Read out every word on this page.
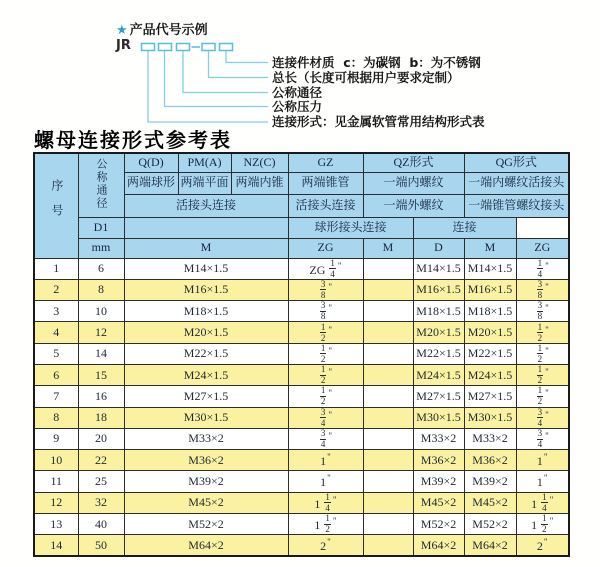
★ 产品代号示例
JR
连接件材质  c：为碳钢  b：为不锈钢
总长（长度可根据用户要求定制）
公称通径
公称压力
连接形式：见金属软管常用结构形式表
螺母连接形式参考表
序号	公称通径	Q(D)	PM(A)	NZ(C)	GZ	QZ形式		QG形式	
		两端球形	两端平面	两端内锥	两端锥管	一端内螺纹		一端内螺纹活接头	
		活接头连接			活接头连接	一端外螺纹		一端锥管螺纹接头	
	D1				球形接头连接		连接		
	mm	M			ZG	M	D	M	ZG
1	6	M14×1.5			ZG $\frac{1}{4} ^"$		M14×1.5	M14×1.5	$\frac{1}{4} ^"$
2	8	M16×1.5			$\frac{3}{8} ^"$		M16×1.5	M16×1.5	$\frac{3}{8} ^"$
3	10	M18×1.5			$\frac{3}{8} ^"$		M18×1.5	M18×1.5	$\frac{3}{8} ^"$
4	12	M20×1.5			$\frac{1}{2} ^"$		M20×1.5	M20×1.5	$\frac{1}{2} ^"$
5	14	M22×1.5			$\frac{1}{2} ^"$		M22×1.5	M22×1.5	$\frac{1}{2} ^"$
6	15	M24×1.5			$\frac{1}{2} ^"$		M24×1.5	M24×1.5	$\frac{1}{2} ^"$
7	16	M27×1.5			$\frac{1}{2} ^"$		M27×1.5	M27×1.5	$\frac{1}{2} ^"$
8	18	M30×1.5			$\frac{3}{4} ^"$		M30×1.5	M30×1.5	$\frac{3}{4} ^"$
9	20	M33×2			$\frac{3}{4} ^"$		M33×2	M33×2	$\frac{3}{4} ^"$
10	22	M36×2			1"		M36×2	M36×2	1"
11	25	M39×2			1"		M39×2	M39×2	1"
12	32	M45×2			$1 \frac{1}{4} ^"$		M45×2	M45×2	$1 \frac{1}{4} ^"$
13	40	M52×2			$1 \frac{1}{2} ^"$		M52×2	M52×2	$1 \frac{1}{2} ^"$
14	50	M64×2			2"		M64×2	M64×2	2"
